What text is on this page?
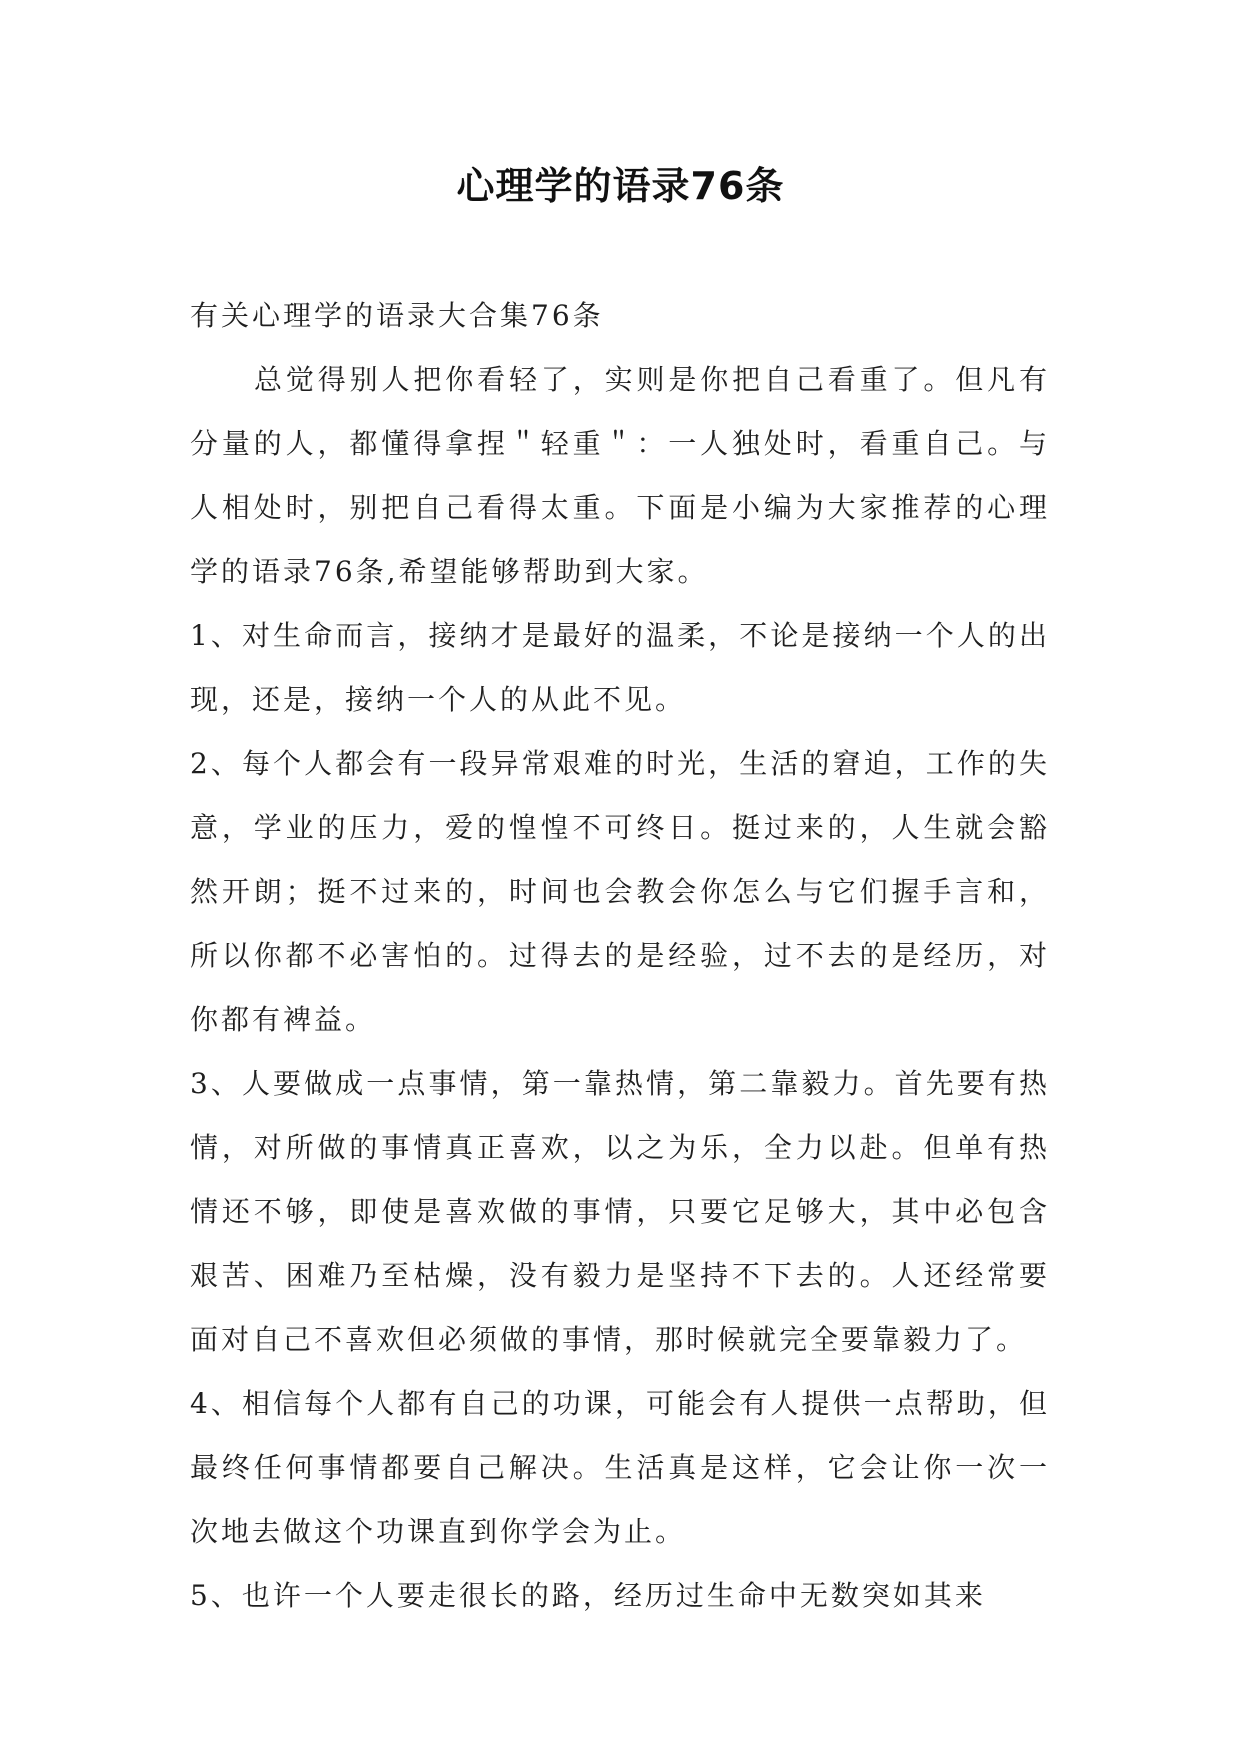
心理学的语录76条

有关心理学的语录大合集76条

总觉得别人把你看轻了，实则是你把自己看重了。但凡有分量的人，都懂得拿捏＂轻重＂：一人独处时，看重自己。与人相处时，别把自己看得太重。下面是小编为大家推荐的心理学的语录76条,希望能够帮助到大家。

1、对生命而言，接纳才是最好的温柔，不论是接纳一个人的出现，还是，接纳一个人的从此不见。

2、每个人都会有一段异常艰难的时光，生活的窘迫，工作的失意，学业的压力，爱的惶惶不可终日。挺过来的，人生就会豁然开朗；挺不过来的，时间也会教会你怎么与它们握手言和，所以你都不必害怕的。过得去的是经验，过不去的是经历，对你都有裨益。

3、人要做成一点事情，第一靠热情，第二靠毅力。首先要有热情，对所做的事情真正喜欢，以之为乐，全力以赴。但单有热情还不够，即使是喜欢做的事情，只要它足够大，其中必包含艰苦、困难乃至枯燥，没有毅力是坚持不下去的。人还经常要面对自己不喜欢但必须做的事情，那时候就完全要靠毅力了。

4、相信每个人都有自己的功课，可能会有人提供一点帮助，但最终任何事情都要自己解决。生活真是这样，它会让你一次一次地去做这个功课直到你学会为止。

5、也许一个人要走很长的路，经历过生命中无数突如其来
